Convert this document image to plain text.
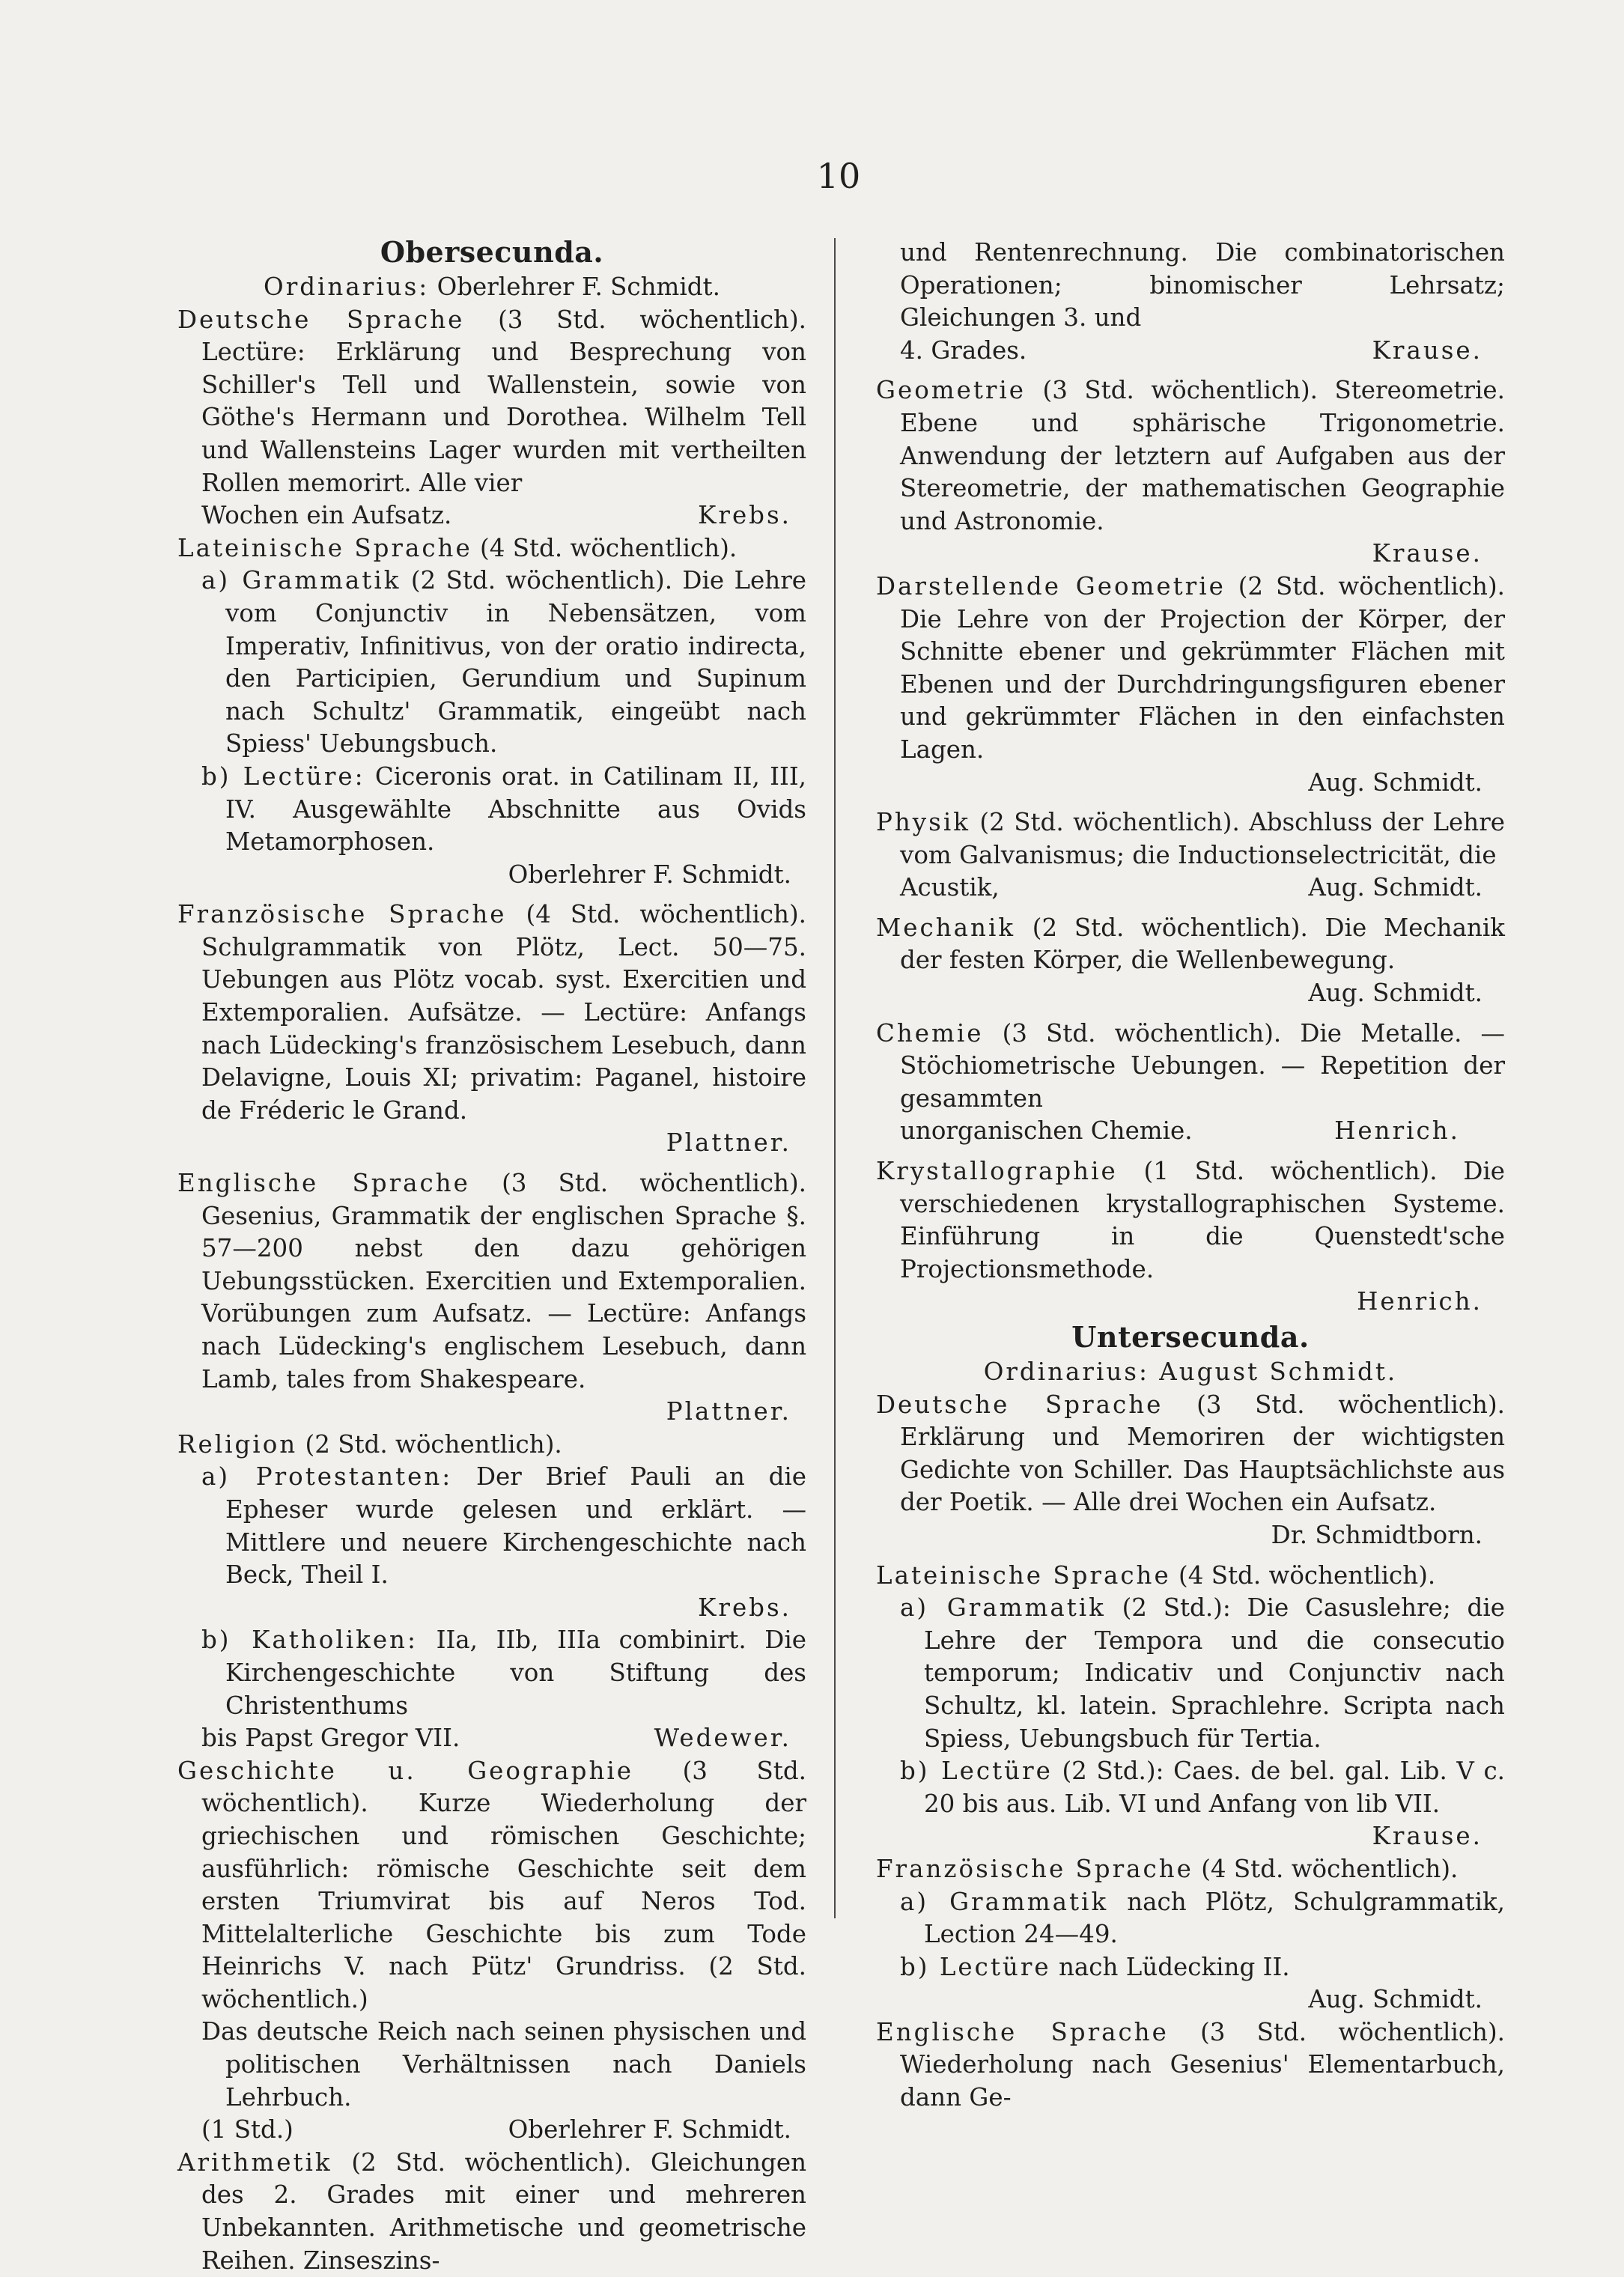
10

Obersecunda.

Ordinarius: Oberlehrer F. Schmidt.

Deutsche Sprache (3 Std. wöchentlich). Lectüre: Erklärung und Besprechung von Schiller's Tell und Wallenstein, sowie von Göthe's Hermann und Dorothea. Wilhelm Tell und Wallensteins Lager wurden mit vertheilten Rollen memorirt. Alle vier
Wochen ein Aufsatz.	Krebs.
Lateinische Sprache (4 Std. wöchentlich).

a) Grammatik (2 Std. wöchentlich). Die Lehre vom Conjunctiv in Nebensätzen, vom Imperativ, Infinitivus, von der oratio indirecta, den Participien, Gerundium und Supinum nach Schultz' Grammatik, eingeübt nach Spiess' Uebungsbuch.

b) Lectüre: Ciceronis orat. in Catilinam II, III, IV. Ausgewählte Abschnitte aus Ovids Metamorphosen.

Oberlehrer F. Schmidt.

Französische Sprache (4 Std. wöchentlich). Schulgrammatik von Plötz, Lect. 50—75. Uebungen aus Plötz vocab. syst. Exercitien und Extemporalien. Aufsätze. — Lectüre: Anfangs nach Lüdecking's französischem Lesebuch, dann Delavigne, Louis XI; privatim: Paganel, histoire de Fréderic le Grand.

Plattner.

Englische Sprache (3 Std. wöchentlich). Gesenius, Grammatik der englischen Sprache §. 57—200 nebst den dazu gehörigen Uebungsstücken. Exercitien und Extemporalien. Vorübungen zum Aufsatz. — Lectüre: Anfangs nach Lüdecking's englischem Lesebuch, dann Lamb, tales from Shakespeare.

Plattner.

Religion (2 Std. wöchentlich).

a) Protestanten: Der Brief Pauli an die Epheser wurde gelesen und erklärt. — Mittlere und neuere Kirchengeschichte nach Beck, Theil I.

Krebs.

b) Katholiken: IIa, IIb, IIIa combinirt. Die Kirchengeschichte von Stiftung des Christenthums

bis Papst Gregor VII.	Wedewer.
Geschichte u. Geographie (3 Std. wöchentlich). Kurze Wiederholung der griechischen und römischen Geschichte; ausführlich: römische Geschichte seit dem ersten Triumvirat bis auf Neros Tod. Mittelalterliche Geschichte bis zum Tode Heinrichs V. nach Pütz' Grundriss. (2 Std. wöchentlich.)

Das deutsche Reich nach seinen physischen und politischen Verhältnissen nach Daniels Lehrbuch.

(1 Std.)	Oberlehrer F. Schmidt.
Arithmetik (2 Std. wöchentlich). Gleichungen des 2. Grades mit einer und mehreren Unbekannten. Arithmetische und geometrische Reihen. Zinseszins-

und Rentenrechnung. Die combinatorischen Operationen; binomischer Lehrsatz; Gleichungen 3. und

4. Grades.	Krause.
Geometrie (3 Std. wöchentlich). Stereometrie. Ebene und sphärische Trigonometrie. Anwendung der letztern auf Aufgaben aus der Stereometrie, der mathematischen Geographie und Astronomie.

Krause.

Darstellende Geometrie (2 Std. wöchentlich). Die Lehre von der Projection der Körper, der Schnitte ebener und gekrümmter Flächen mit Ebenen und der Durchdringungsfiguren ebener und gekrümmter Flächen in den einfachsten Lagen.

Aug. Schmidt.

Physik (2 Std. wöchentlich). Abschluss der Lehre vom Galvanismus; die Inductionselectricität, die
Acustik,	Aug. Schmidt.
Mechanik (2 Std. wöchentlich). Die Mechanik der festen Körper, die Wellenbewegung.

Aug. Schmidt.

Chemie (3 Std. wöchentlich). Die Metalle. — Stöchiometrische Uebungen. — Repetition der gesammten
unorganischen Chemie.	Henrich.
Krystallographie (1 Std. wöchentlich). Die verschiedenen krystallographischen Systeme. Einführung in die Quenstedt'sche Projectionsmethode.

Henrich.

Untersecunda.

Ordinarius: August Schmidt.

Deutsche Sprache (3 Std. wöchentlich). Erklärung und Memoriren der wichtigsten Gedichte von Schiller. Das Hauptsächlichste aus der Poetik. — Alle drei Wochen ein Aufsatz.

Dr. Schmidtborn.

Lateinische Sprache (4 Std. wöchentlich).

a) Grammatik (2 Std.): Die Casuslehre; die Lehre der Tempora und die consecutio temporum; Indicativ und Conjunctiv nach Schultz, kl. latein. Sprachlehre. Scripta nach Spiess, Uebungsbuch für Tertia.

b) Lectüre (2 Std.): Caes. de bel. gal. Lib. V c. 20 bis aus. Lib. VI und Anfang von lib VII.

Krause.

Französische Sprache (4 Std. wöchentlich).

a) Grammatik nach Plötz, Schulgrammatik, Lection 24—49.

b) Lectüre nach Lüdecking II.

Aug. Schmidt.

Englische Sprache (3 Std. wöchentlich). Wiederholung nach Gesenius' Elementarbuch, dann Ge-
